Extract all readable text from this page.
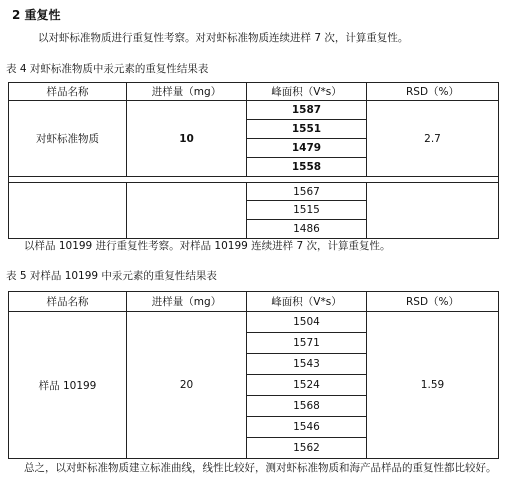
2 重复性
以对虾标准物质进行重复性考察。对对虾标准物质连续进样 7 次，计算重复性。
表 4 对虾标准物质中汞元素的重复性结果表
样品名称	进样量（mg）	峰面积（V*s）	RSD（%）
对虾标准物质	10	1587	2.7
		1551	
		1479	
		1558	

		1567	
		1515	
		1486	
以样品 10199 进行重复性考察。对样品 10199 连续进样 7 次，计算重复性。
表 5 对样品 10199 中汞元素的重复性结果表
样品名称	进样量（mg）	峰面积（V*s）	RSD（%）
样品 10199	20	1504	1.59
		1571	
		1543	
		1524	
		1568	
		1546	
		1562	
总之，以对虾标准物质建立标准曲线，线性比较好，测对虾标准物质和海产品样品的重复性都比较好。
